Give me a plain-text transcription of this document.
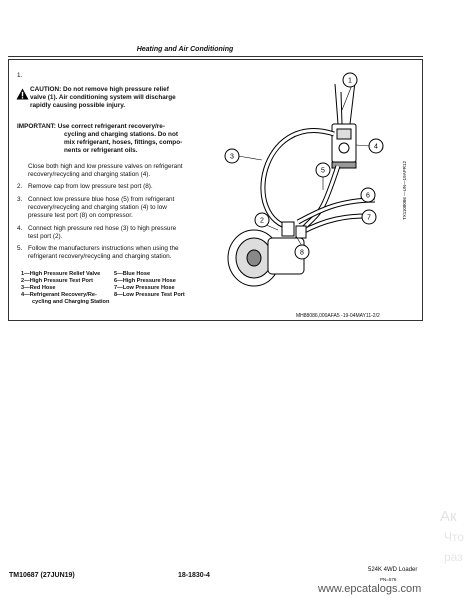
Heating and Air Conditioning
1.
CAUTION: Do not remove high pressure relief
valve (1). Air conditioning system will discharge
rapidly causing possible injury.
IMPORTANT: Use correct refrigerant recovery/re-
cycling and charging stations. Do not
mix refrigerant, hoses, fittings, compo-
nents or refrigerant oils.
Close both high and low pressure valves on refrigerant
recovery/recycling and charging station (4).
2. Remove cap from low pressure test port (8).
3. Connect low pressure blue hose (5) from refrigerant
recovery/recycling and charging station (4) to low
pressure test port (8) on compressor.
4. Connect high pressure red hose (3) to high pressure
test port (2).
5. Follow the manufacturers instructions when using the
refrigerant recovery/recycling and charging station.
1—High Pressure Relief Valve
2—High Pressure Test Port
3—Red Hose
4—Refrigerant Recovery/Re-
cycling and Charging Station
5—Blue Hose
6—High Pressure Hose
7—Low Pressure Hose
8—Low Pressure Test Port
1
4
3
5
6
7
2
8
TX1108086 —UN—19APR12
MH88086,000AFA5 -19-04MAY11-2/2
Ак
Что
раз
TM10687 (27JUN19)	18-1830-4
524K 4WD Loader
PN=576
www.epcatalogs.com
